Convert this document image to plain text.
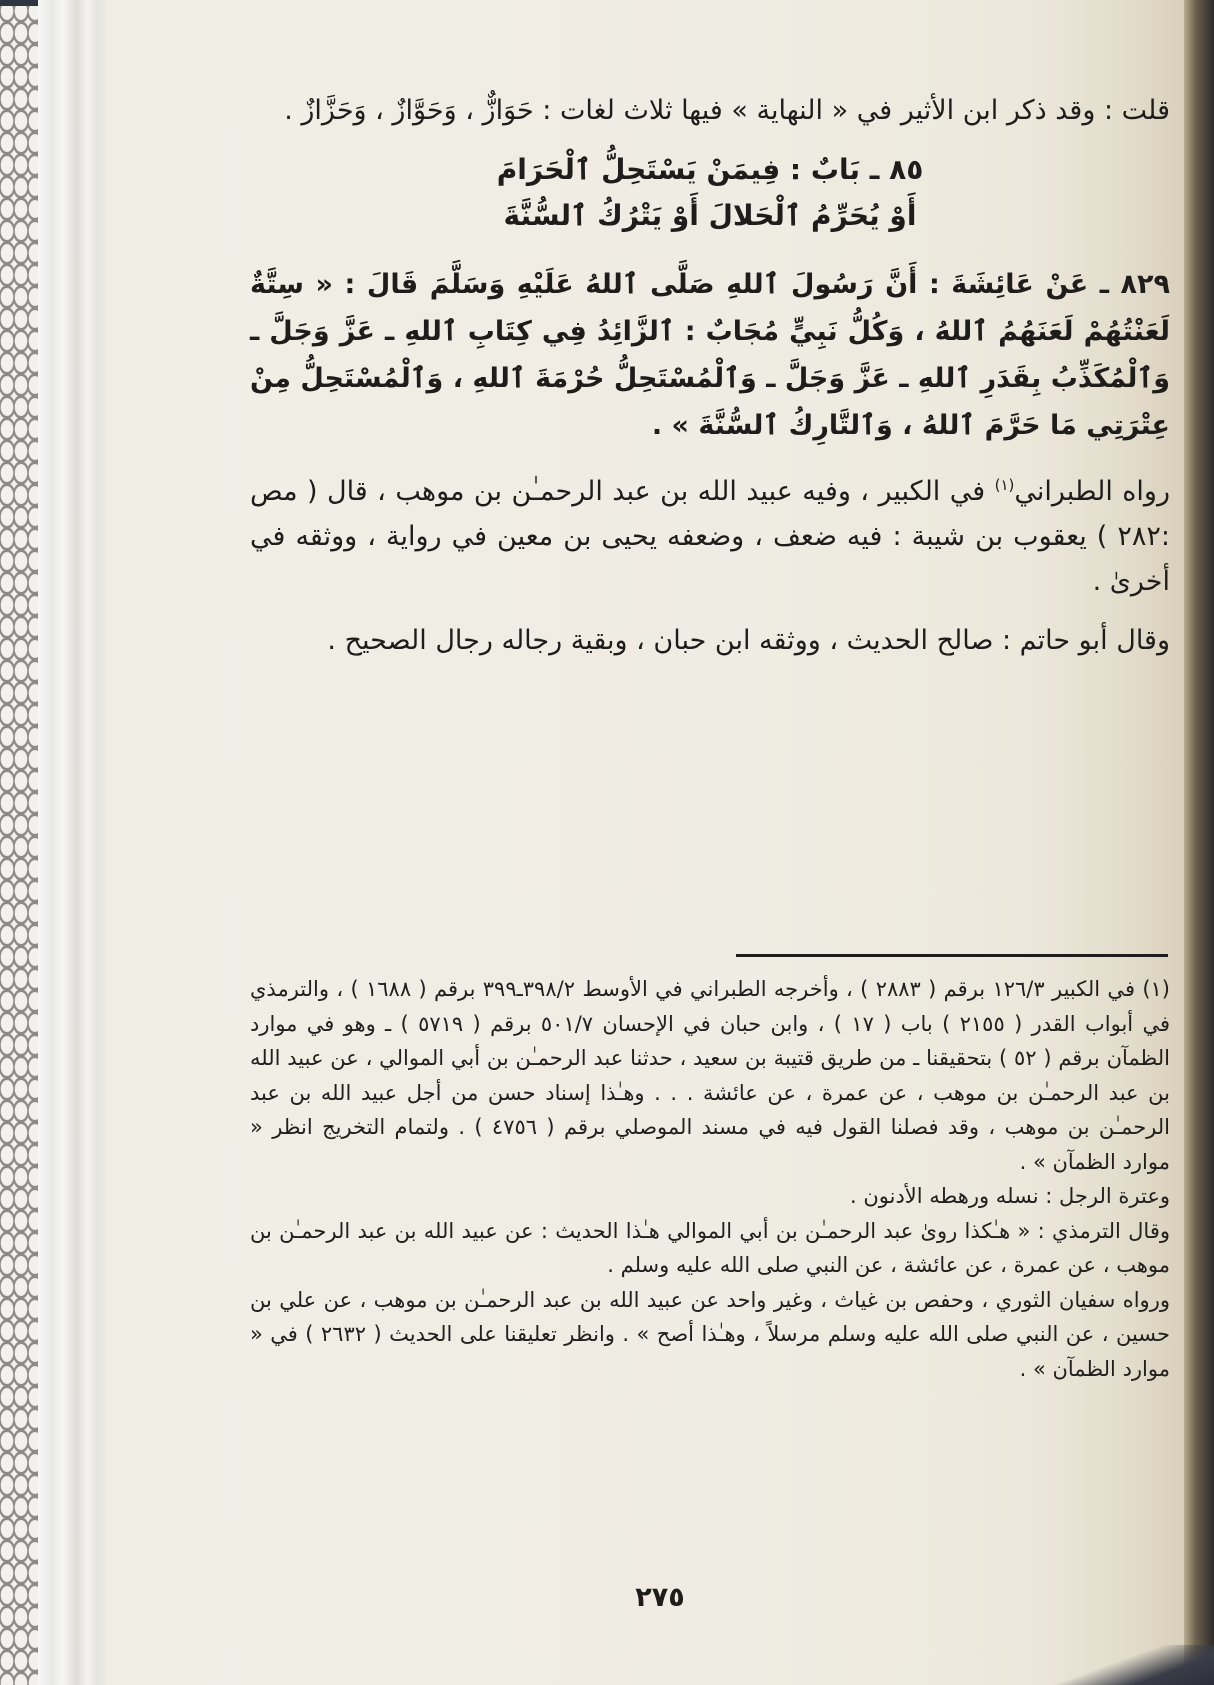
قلت : وقد ذكر ابن الأثير في « النهاية » فيها ثلاث لغات : حَوَازٌّ ، وَحَوَّازٌ ، وَحَزَّازٌ .

٨٥ ـ بَابٌ : فِيمَنْ يَسْتَحِلُّ ٱلْحَرَامَ
أَوْ يُحَرِّمُ ٱلْحَلالَ أَوْ يَتْرُكُ ٱلسُّنَّةَ

٨٢٩ ـ عَنْ عَائِشَةَ : أَنَّ رَسُولَ ٱللهِ صَلَّى ٱللهُ عَلَيْهِ وَسَلَّمَ قَالَ : « سِتَّةٌ لَعَنْتُهُمْ لَعَنَهُمُ ٱللهُ ، وَكُلُّ نَبِيٍّ مُجَابٌ : ٱلزَّائِدُ فِي كِتَابِ ٱللهِ ـ عَزَّ وَجَلَّ ـ وَٱلْمُكَذِّبُ بِقَدَرِ ٱللهِ ـ عَزَّ وَجَلَّ ـ وَٱلْمُسْتَحِلُّ حُرْمَةَ ٱللهِ ، وَٱلْمُسْتَحِلُّ مِنْ عِتْرَتِي مَا حَرَّمَ ٱللهُ ، وَٱلتَّارِكُ ٱلسُّنَّةَ » .

رواه الطبراني$^{(١)}$ في الكبير ، وفيه عبيد الله بن عبد الرحمـٰن بن موهب ، قال ( مص :٢٨٢ ) يعقوب بن شيبة : فيه ضعف ، وضعفه يحيى بن معين في رواية ، ووثقه في أخرىٰ .

وقال أبو حاتم : صالح الحديث ، ووثقه ابن حبان ، وبقية رجاله رجال الصحيح .

(١) في الكبير ١٢٦/٣ برقم ( ٢٨٨٣ ) ، وأخرجه الطبراني في الأوسط ٣٩٨/٢ـ٣٩٩ برقم ( ١٦٨٨ ) ، والترمذي في أبواب القدر ( ٢١٥٥ ) باب ( ١٧ ) ، وابن حبان في الإحسان ٥٠١/٧ برقم ( ٥٧١٩ ) ـ وهو في موارد الظمآن برقم ( ٥٢ ) بتحقيقنا ـ من طريق قتيبة بن سعيد ، حدثنا عبد الرحمـٰن بن أبي الموالي ، عن عبيد الله بن عبد الرحمـٰن بن موهب ، عن عمرة ، عن عائشة . . . وهـٰذا إسناد حسن من أجل عبيد الله بن عبد الرحمـٰن بن موهب ، وقد فصلنا القول فيه في مسند الموصلي برقم ( ٤٧٥٦ ) . ولتمام التخريج انظر « موارد الظمآن » .

وعترة الرجل : نسله ورهطه الأدنون .

وقال الترمذي : « هـٰكذا روىٰ عبد الرحمـٰن بن أبي الموالي هـٰذا الحديث : عن عبيد الله بن عبد الرحمـٰن بن موهب ، عن عمرة ، عن عائشة ، عن النبي صلى الله عليه وسلم .

ورواه سفيان الثوري ، وحفص بن غياث ، وغير واحد عن عبيد الله بن عبد الرحمـٰن بن موهب ، عن علي بن حسين ، عن النبي صلى الله عليه وسلم مرسلاً ، وهـٰذا أصح » . وانظر تعليقنا على الحديث ( ٢٦٣٢ ) في « موارد الظمآن » .

٢٧٥
